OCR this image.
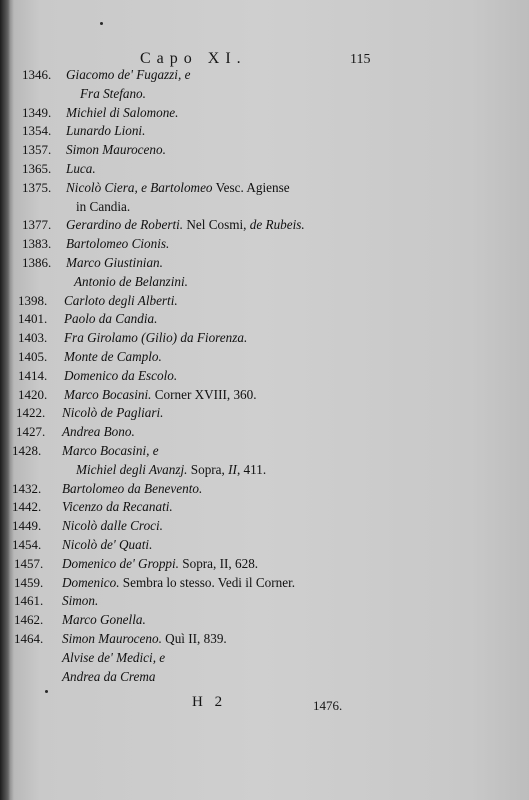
Capo XI.	115
1346. Giacomo de' Fugazzi, e
Fra Stefano.
1349. Michiel di Salomone.
1354. Lunardo Lioni.
1357. Simon Mauroceno.
1365. Luca.
1375. Nicolò Ciera, e Bartolomeo Vesc. Agiense
in Candia.
1377. Gerardino de Roberti. Nel Cosmi, de Rubeis.
1383. Bartolomeo Cionis.
1386. Marco Giustinian.
Antonio de Belanzini.
1398. Carloto degli Alberti.
1401. Paolo da Candia.
1403. Fra Girolamo (Gilio) da Fiorenza.
1405. Monte de Camplo.
1414. Domenico da Escolo.
1420. Marco Bocasini. Corner XVIII, 360.
1422. Nicolò de Pagliari.
1427. Andrea Bono.
1428. Marco Bocasini, e
Michiel degli Avanzj. Sopra, II, 411.
1432. Bartolomeo da Benevento.
1442. Vicenzo da Recanati.
1449. Nicolò dalle Croci.
1454. Nicolò de' Quati.
1457. Domenico de' Groppi. Sopra, II, 628.
1459. Domenico. Sembra lo stesso. Vedi il Corner.
1461. Simon.
1462. Marco Gonella.
1464. Simon Mauroceno. Quì II, 839.
Alvise de' Medici, e
Andrea da Crema
H 2	1476.
